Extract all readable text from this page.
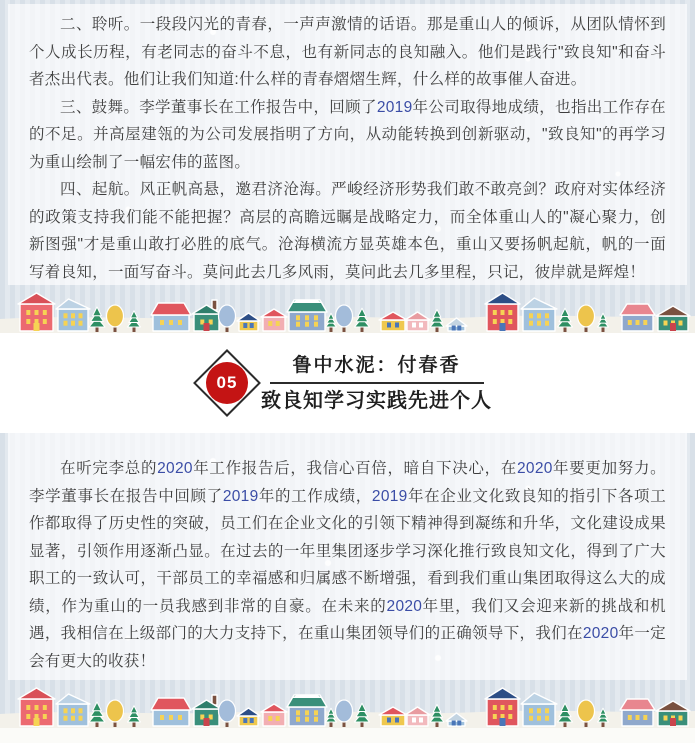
二、聆听。一段段闪光的青春，一声声激情的话语。那是重山人的倾诉，从团队情怀到个人成长历程，有老同志的奋斗不息，也有新同志的良知融入。他们是践行"致良知"和奋斗者杰出代表。他们让我们知道:什么样的青春熠熠生辉，什么样的故事催人奋进。

三、鼓舞。李学董事长在工作报告中，回顾了2019年公司取得地成绩，也指出工作存在的不足。并高屋建瓴的为公司发展指明了方向，从动能转换到创新驱动，"致良知"的再学习为重山绘制了一幅宏伟的蓝图。

四、起航。风正帆高悬，邀君济沧海。严峻经济形势我们敢不敢亮剑？政府对实体经济的政策支持我们能不能把握？高层的高瞻远瞩是战略定力，而全体重山人的"凝心聚力，创新图强"才是重山敢打必胜的底气。沧海横流方显英雄本色，重山又要扬帆起航，帆的一面写着良知，一面写奋斗。莫问此去几多风雨，莫问此去几多里程，只记，彼岸就是辉煌！

05
鲁中水泥：付春香
致良知学习实践先进个人

在听完李总的2020年工作报告后，我信心百倍，暗自下决心，在2020年要更加努力。李学董事长在报告中回顾了2019年的工作成绩，2019年在企业文化致良知的指引下各项工作都取得了历史性的突破，员工们在企业文化的引领下精神得到凝练和升华，文化建设成果显著，引领作用逐渐凸显。在过去的一年里集团逐步学习深化推行致良知文化，得到了广大职工的一致认可，干部员工的幸福感和归属感不断增强，看到我们重山集团取得这么大的成绩，作为重山的一员我感到非常的自豪。在未来的2020年里，我们又会迎来新的挑战和机遇，我相信在上级部门的大力支持下，在重山集团领导们的正确领导下，我们在2020年一定会有更大的收获！
